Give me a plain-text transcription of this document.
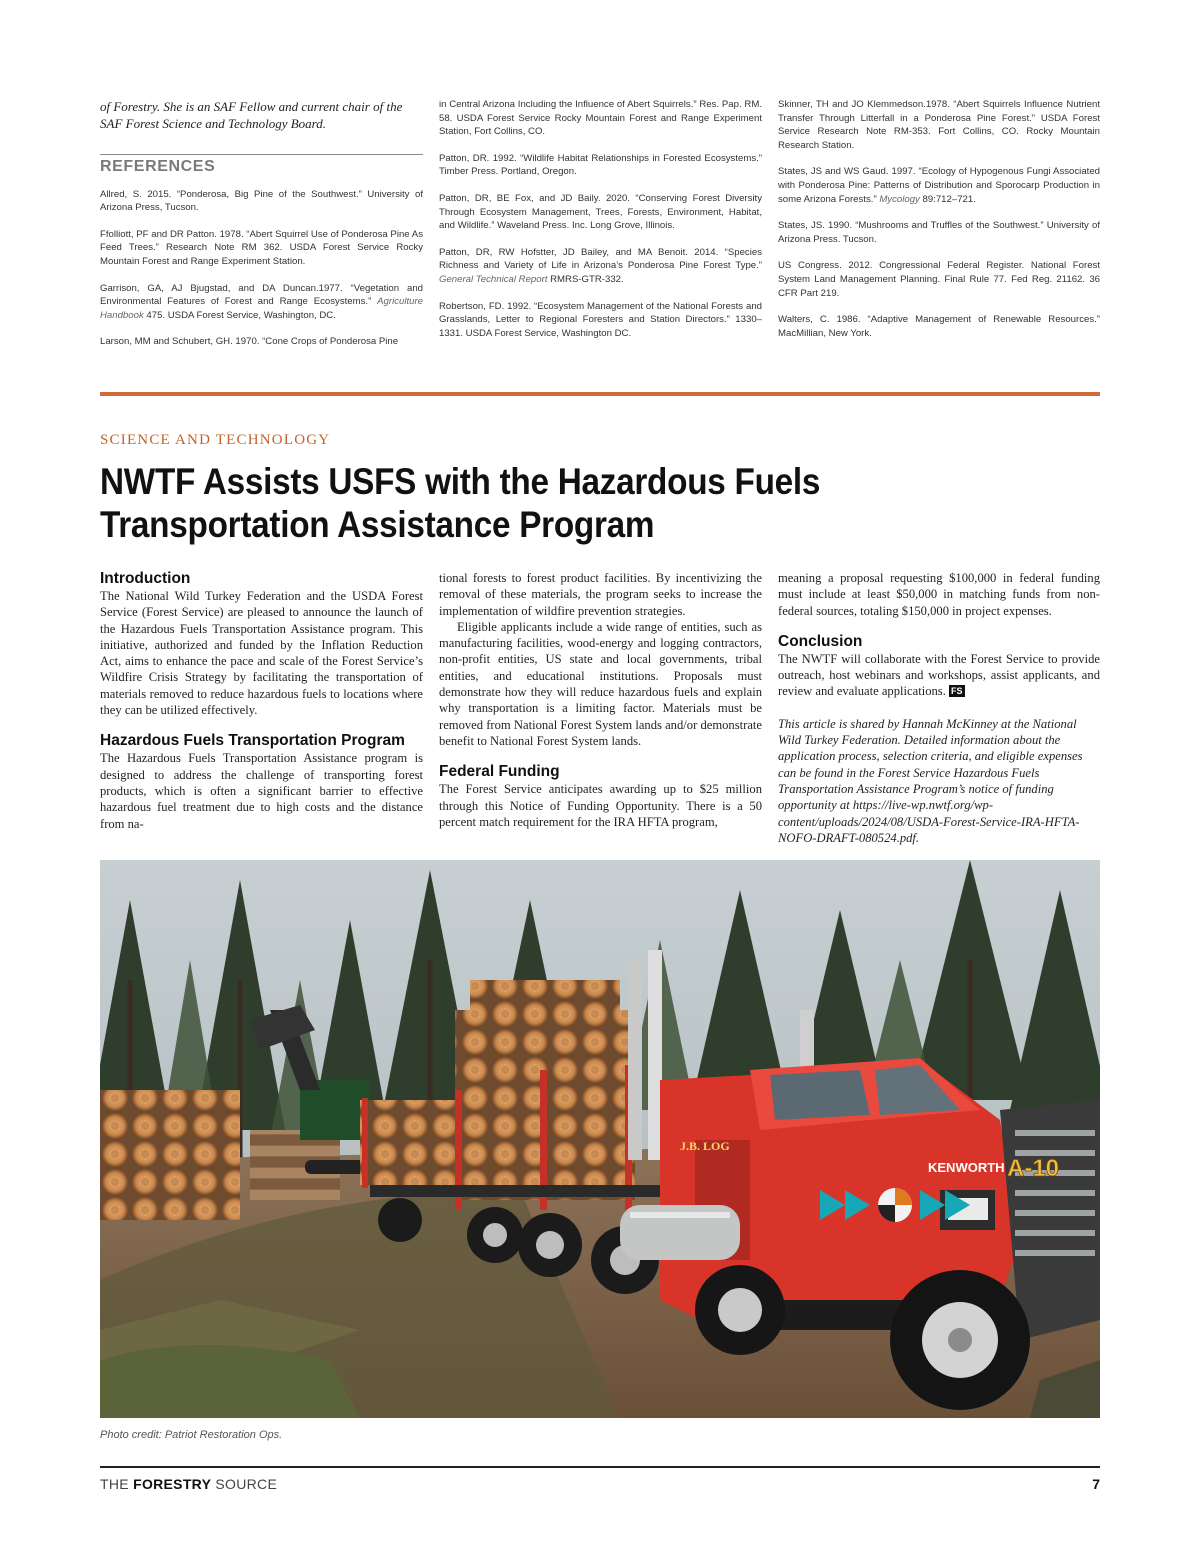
of Forestry. She is an SAF Fellow and current chair of the SAF Forest Science and Technology Board.

REFERENCES

Allred, S. 2015. “Ponderosa, Big Pine of the Southwest.” University of Arizona Press, Tucson.

Ffolliott, PF and DR Patton. 1978. “Abert Squirrel Use of Ponderosa Pine As Feed Trees.” Research Note RM 362. USDA Forest Service Rocky Mountain Forest and Range Experiment Station.

Garrison, GA, AJ Bjugstad, and DA Duncan.1977. “Vegetation and Environmental Features of Forest and Range Ecosystems.” Agriculture Handbook 475. USDA Forest Service, Washington, DC.

Larson, MM and Schubert, GH. 1970. “Cone Crops of Ponderosa Pine

in Central Arizona Including the Influence of Abert Squirrels.” Res. Pap. RM. 58. USDA Forest Service Rocky Mountain Forest and Range Experiment Station, Fort Collins, CO.

Patton, DR. 1992. “Wildlife Habitat Relationships in Forested Ecosystems.” Timber Press. Portland, Oregon.

Patton, DR, BE Fox, and JD Baily. 2020. “Conserving Forest Diversity Through Ecosystem Management, Trees, Forests, Environment, Habitat, and Wildlife.” Waveland Press. Inc. Long Grove, Illinois.

Patton, DR, RW Hofstter, JD Bailey, and MA Benoit. 2014. “Species Richness and Variety of Life in Arizona’s Ponderosa Pine Forest Type.” General Technical Report RMRS-GTR-332.

Robertson, FD. 1992. “Ecosystem Management of the National Forests and Grasslands, Letter to Regional Foresters and Station Directors.” 1330–1331. USDA Forest Service, Washington DC.

Skinner, TH and JO Klemmedson.1978. “Abert Squirrels Influence Nutrient Transfer Through Litterfall in a Ponderosa Pine Forest.” USDA Forest Service Research Note RM-353. Fort Collins, CO. Rocky Mountain Research Station.

States, JS and WS Gaud. 1997. “Ecology of Hypogenous Fungi Associated with Ponderosa Pine: Patterns of Distribution and Sporocarp Production in some Arizona Forests.” Mycology 89:712–721.

States, JS. 1990. “Mushrooms and Truffles of the Southwest.” University of Arizona Press. Tucson.

US Congress. 2012. Congressional Federal Register. National Forest System Land Management Planning. Final Rule 77. Fed Reg. 21162. 36 CFR Part 219.

Walters, C. 1986. “Adaptive Management of Renewable Resources.” MacMillian, New York.

SCIENCE AND TECHNOLOGY
NWTF Assists USFS with the Hazardous Fuels
Transportation Assistance Program
Introduction

The National Wild Turkey Federation and the USDA Forest Service (Forest Service) are pleased to announce the launch of the Hazardous Fuels Transportation Assistance program. This initiative, authorized and funded by the Inflation Reduction Act, aims to enhance the pace and scale of the Forest Service’s Wildfire Crisis Strategy by facilitating the transportation of materials removed to reduce hazardous fuels to locations where they can be utilized effectively.

Hazardous Fuels Transportation Program

The Hazardous Fuels Transportation Assistance program is designed to address the challenge of transporting forest products, which is often a significant barrier to effective hazardous fuel treatment due to high costs and the distance from na-

tional forests to forest product facilities. By incentivizing the removal of these materials, the program seeks to increase the implementation of wildfire prevention strategies.

Eligible applicants include a wide range of entities, such as manufacturing facilities, wood-energy and logging contractors, non-profit entities, US state and local governments, tribal entities, and educational institutions. Proposals must demonstrate how they will reduce hazardous fuels and explain why transportation is a limiting factor. Materials must be removed from National Forest System lands and/or demonstrate benefit to National Forest System lands.

Federal Funding

The Forest Service anticipates awarding up to $25 million through this Notice of Funding Opportunity. There is a 50 percent match requirement for the IRA HFTA program,

meaning a proposal requesting $100,000 in federal funding must include at least $50,000 in matching funds from non-federal sources, totaling $150,000 in project expenses.

Conclusion

The NWTF will collaborate with the Forest Service to provide outreach, host webinars and workshops, assist applicants, and review and evaluate applications. FS

This article is shared by Hannah McKinney at the National Wild Turkey Federation. Detailed information about the application process, selection criteria, and eligible expenses can be found in the Forest Service Hazardous Fuels Transportation Assistance Program’s notice of funding opportunity at https://live-wp.nwtf.org/wp-content/uploads/2024/08/USDA-Forest-Service-IRA-HFTA-NOFO-DRAFT-080524.pdf.

KENWORTH A-10
J.B. LOG
Photo credit: Patriot Restoration Ops.
THE FORESTRY SOURCE	7
